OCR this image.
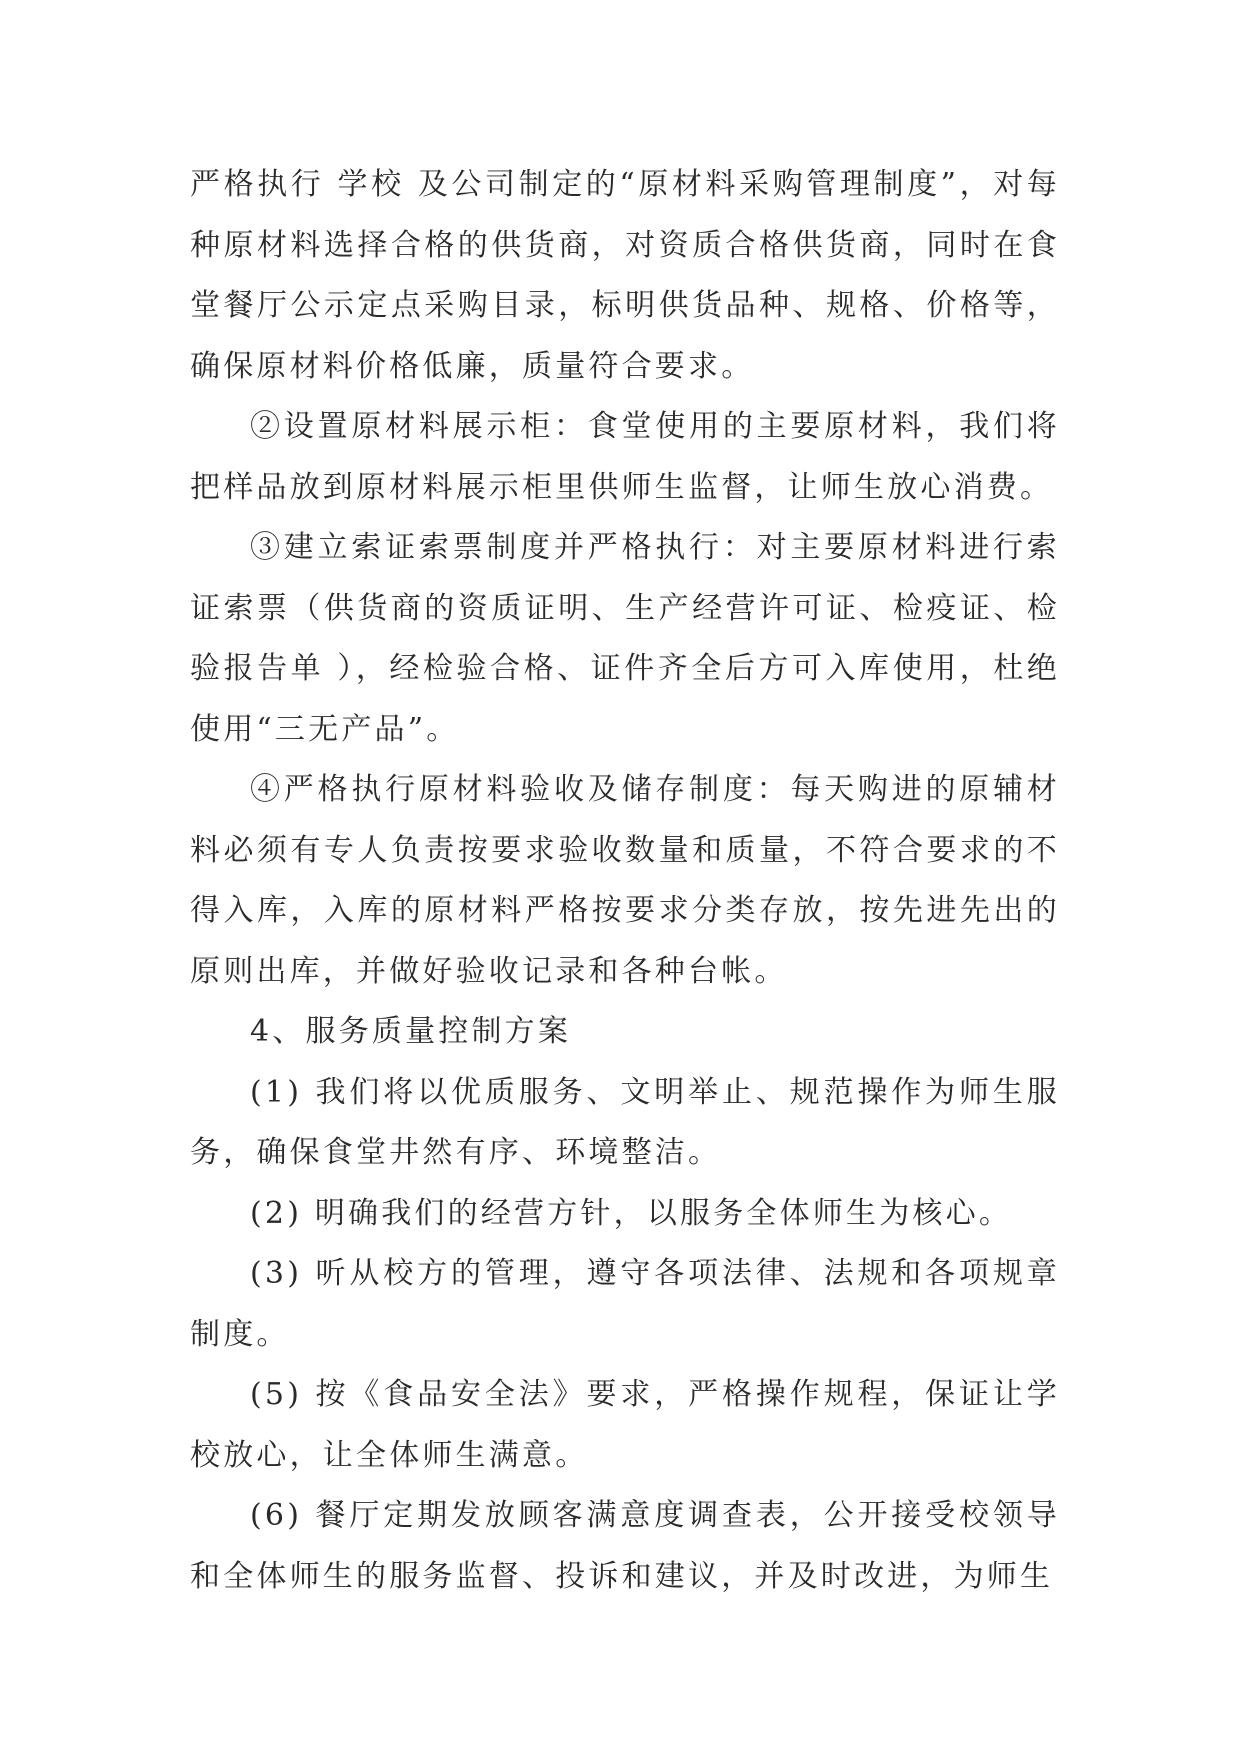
严格执行 学校 及公司制定的“原材料采购管理制度”，对每种原材料选择合格的供货商，对资质合格供货商，同时在食堂餐厅公示定点采购目录，标明供货品种、规格、价格等，确保原材料价格低廉，质量符合要求。

②设置原材料展示柜：食堂使用的主要原材料，我们将把样品放到原材料展示柜里供师生监督，让师生放心消费。

③建立索证索票制度并严格执行：对主要原材料进行索证索票（供货商的资质证明、生产经营许可证、检疫证、检验报告单 ），经检验合格、证件齐全后方可入库使用，杜绝使用“三无产品”。

④严格执行原材料验收及储存制度：每天购进的原辅材料必须有专人负责按要求验收数量和质量，不符合要求的不得入库，入库的原材料严格按要求分类存放，按先进先出的原则出库，并做好验收记录和各种台帐。

4、服务质量控制方案

(1) 我们将以优质服务、文明举止、规范操作为师生服务，确保食堂井然有序、环境整洁。

(2) 明确我们的经营方针，以服务全体师生为核心。

(3) 听从校方的管理，遵守各项法律、法规和各项规章制度。

(5) 按《食品安全法》要求，严格操作规程，保证让学校放心，让全体师生满意。

(6) 餐厅定期发放顾客满意度调查表，公开接受校领导和全体师生的服务监督、投诉和建议，并及时改进，为师生
